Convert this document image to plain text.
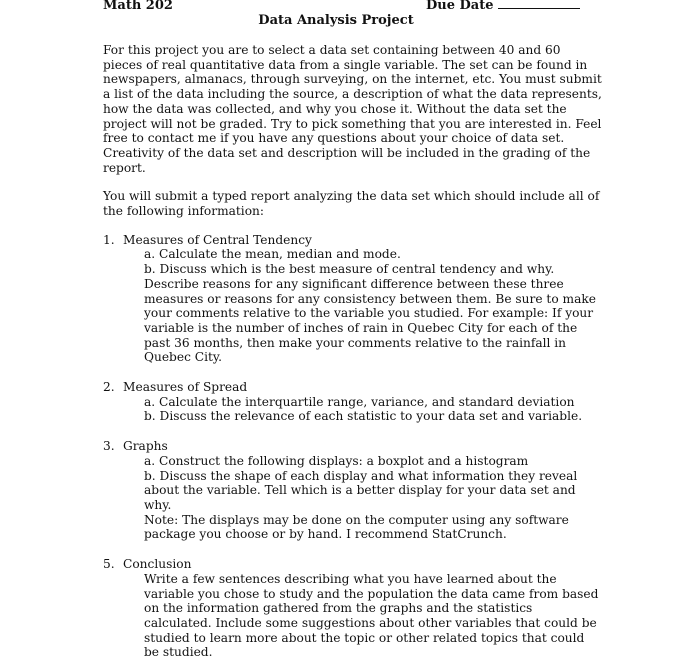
Math 202	Due Date
Data Analysis Project

For this project you are to select a data set containing between 40 and 60 pieces of real quantitative data from a single variable. The set can be found in newspapers, almanacs, through surveying, on the internet, etc. You must submit a list of the data including the source, a description of what the data represents, how the data was collected, and why you chose it. Without the data set the project will not be graded. Try to pick something that you are interested in. Feel free to contact me if you have any questions about your choice of data set. Creativity of the data set and description will be included in the grading of the report.

You will submit a typed report analyzing the data set which should include all of the following information:

1. Measures of Central Tendency

a. Calculate the mean, median and mode.

b. Discuss which is the best measure of central tendency and why. Describe reasons for any significant difference between these three measures or reasons for any consistency between them. Be sure to make your comments relative to the variable you studied. For example: If your variable is the number of inches of rain in Quebec City for each of the past 36 months, then make your comments relative to the rainfall in Quebec City.

2. Measures of Spread

a. Calculate the interquartile range, variance, and standard deviation

b. Discuss the relevance of each statistic to your data set and variable.

3. Graphs

a. Construct the following displays: a boxplot and a histogram

b. Discuss the shape of each display and what information they reveal about the variable. Tell which is a better display for your data set and why.

Note: The displays may be done on the computer using any software package you choose or by hand. I recommend StatCrunch.

5. Conclusion

Write a few sentences describing what you have learned about the variable you chose to study and the population the data came from based on the information gathered from the graphs and the statistics calculated. Include some suggestions about other variables that could be studied to learn more about the topic or other related topics that could be studied.
